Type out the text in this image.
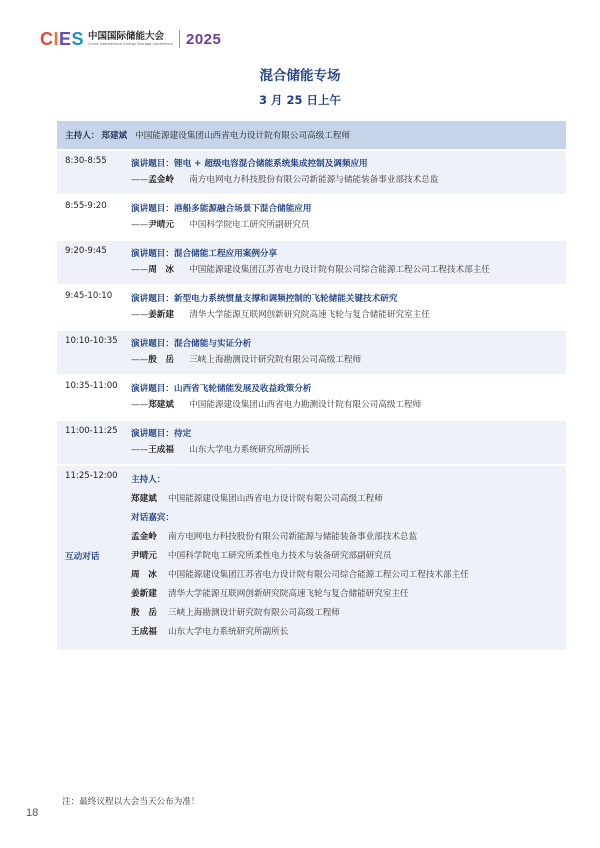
CIES 中国国际储能大会
China International Energy Storage Conference 2025
混合储能专场
3 月 25 日上午
主持人： 郑建斌 中国能源建设集团山西省电力设计院有限公司高级工程师
8:30-8:55	演讲题目：锂电 + 超级电容混合储能系统集成控制及调频应用
——孟金岭 南方电网电力科技股份有限公司新能源与储能装备事业部技术总监
8:55-9:20	演讲题目：港船多能源融合场景下混合储能应用
——尹晴元 中国科学院电工研究所副研究员
9:20-9:45	演讲题目：混合储能工程应用案例分享
——周　冰 中国能源建设集团江苏省电力设计院有限公司综合能源工程公司工程技术部主任
9:45-10:10	演讲题目：新型电力系统惯量支撑和调频控制的飞轮储能关键技术研究
——姜新建 清华大学能源互联网创新研究院高速飞轮与复合储能研究室主任
10:10-10:35	演讲题目：混合储能与实证分析
——殷　岳 三峡上海勘测设计研究院有限公司高级工程师
10:35-11:00	演讲题目：山西省飞轮储能发展及收益政策分析
——郑建斌 中国能源建设集团山西省电力勘测设计院有限公司高级工程师
11:00-11:25	演讲题目：待定
——王成福 山东大学电力系统研究所副所长
11:25-12:00
互动对话
主持人：
郑建斌 中国能源建设集团山西省电力设计院有限公司高级工程师
对话嘉宾：
孟金岭 南方电网电力科技股份有限公司新能源与储能装备事业部技术总监
尹晴元 中国科学院电工研究所柔性电力技术与装备研究部副研究员
周　冰 中国能源建设集团江苏省电力设计院有限公司综合能源工程公司工程技术部主任
姜新建 清华大学能源互联网创新研究院高速飞轮与复合储能研究室主任
殷　岳 三峡上海勘测设计研究院有限公司高级工程师
王成福 山东大学电力系统研究所副所长
注：最终议程以大会当天公布为准！
18
